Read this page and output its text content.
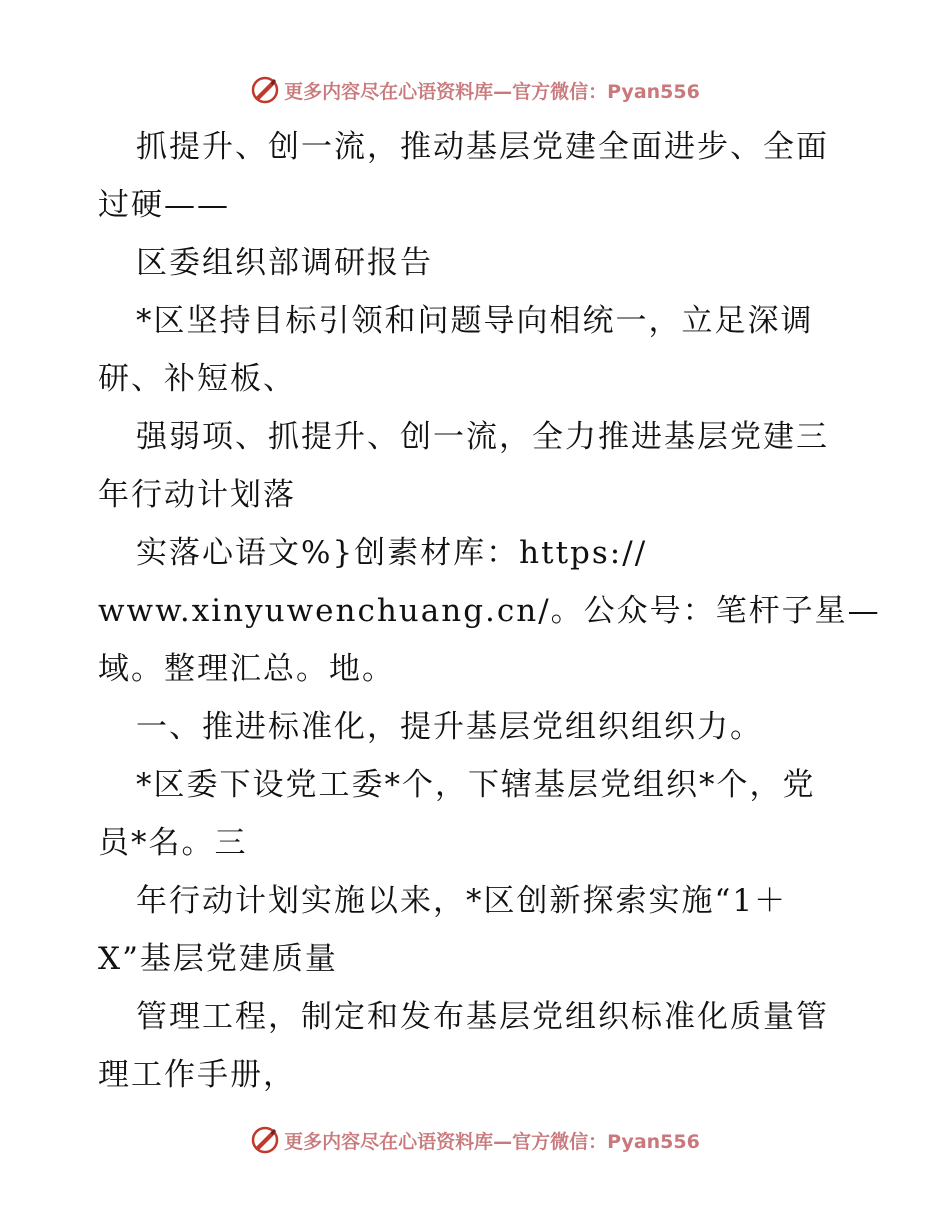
更多内容尽在心语资料库—官方微信：Pyan556
抓提升、创一流，推动基层党建全面进步、全面
过硬——
区委组织部调研报告
*区坚持目标引领和问题导向相统一，立足深调
研、补短板、
强弱项、抓提升、创一流，全力推进基层党建三
年行动计划落
实落心语文%}创素材库：https://
www.xinyuwenchuang.cn/。公众号：笔杆子星—
域。整理汇总。地。
一、推进标准化，提升基层党组织组织力。
*区委下设党工委*个，下辖基层党组织*个，党
员*名。三
年行动计划实施以来，*区创新探索实施“1＋
X”基层党建质量
管理工程，制定和发布基层党组织标准化质量管
理工作手册，
更多内容尽在心语资料库—官方微信：Pyan556
